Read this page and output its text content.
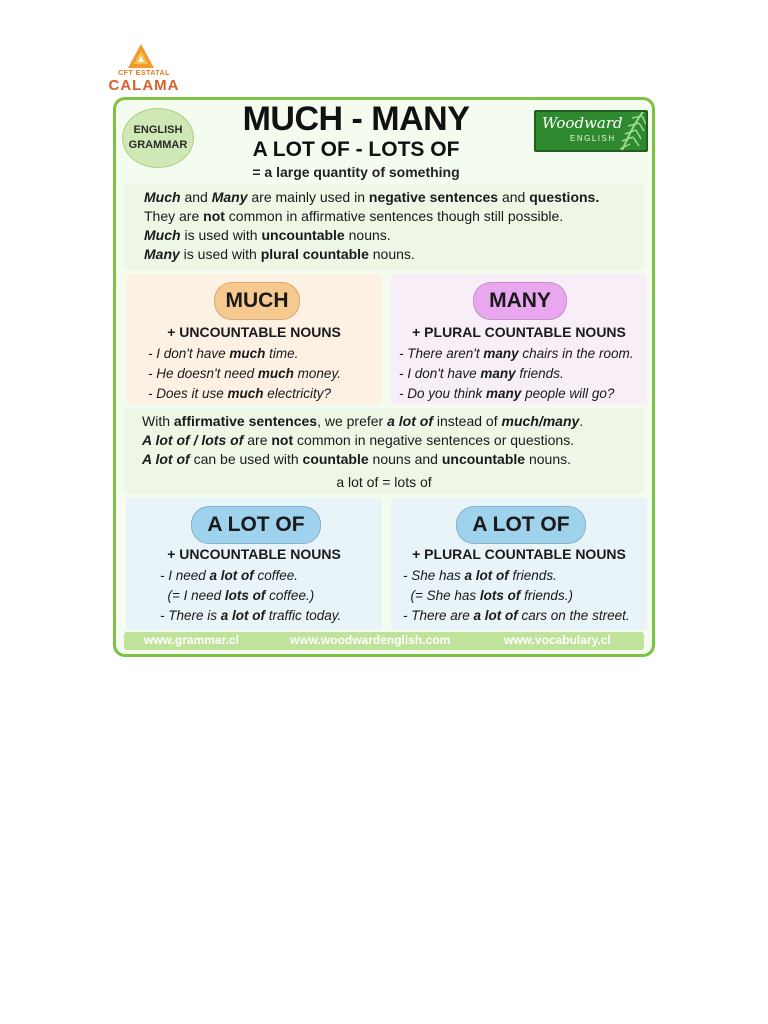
CFT ESTATAL
CALAMA
ENGLISH
GRAMMAR
MUCH - MANY
A LOT OF - LOTS OF
= a large quantity of something
Woodward
ENGLISH

Much and Many are mainly used in negative sentences and questions.

They are not common in affirmative sentences though still possible.

Much is used with uncountable nouns.

Many is used with plural countable nouns.

MUCH
+ UNCOUNTABLE NOUNS
- I don't have much time.
- He doesn't need much money.
- Does it use much electricity?
MANY
+ PLURAL COUNTABLE NOUNS
- There aren't many chairs in the room.
- I don't have many friends.
- Do you think many people will go?

With affirmative sentences, we prefer a lot of instead of much/many.

A lot of / lots of are not common in negative sentences or questions.

A lot of can be used with countable nouns and uncountable nouns.

a lot of = lots of
A LOT OF
+ UNCOUNTABLE NOUNS
- I need a lot of coffee.
(= I need lots of coffee.)
- There is a lot of traffic today.
A LOT OF
+ PLURAL COUNTABLE NOUNS
- She has a lot of friends.
(= She has lots of friends.)
- There are a lot of cars on the street.
www.grammar.cl	www.woodwardenglish.com	www.vocabulary.cl
